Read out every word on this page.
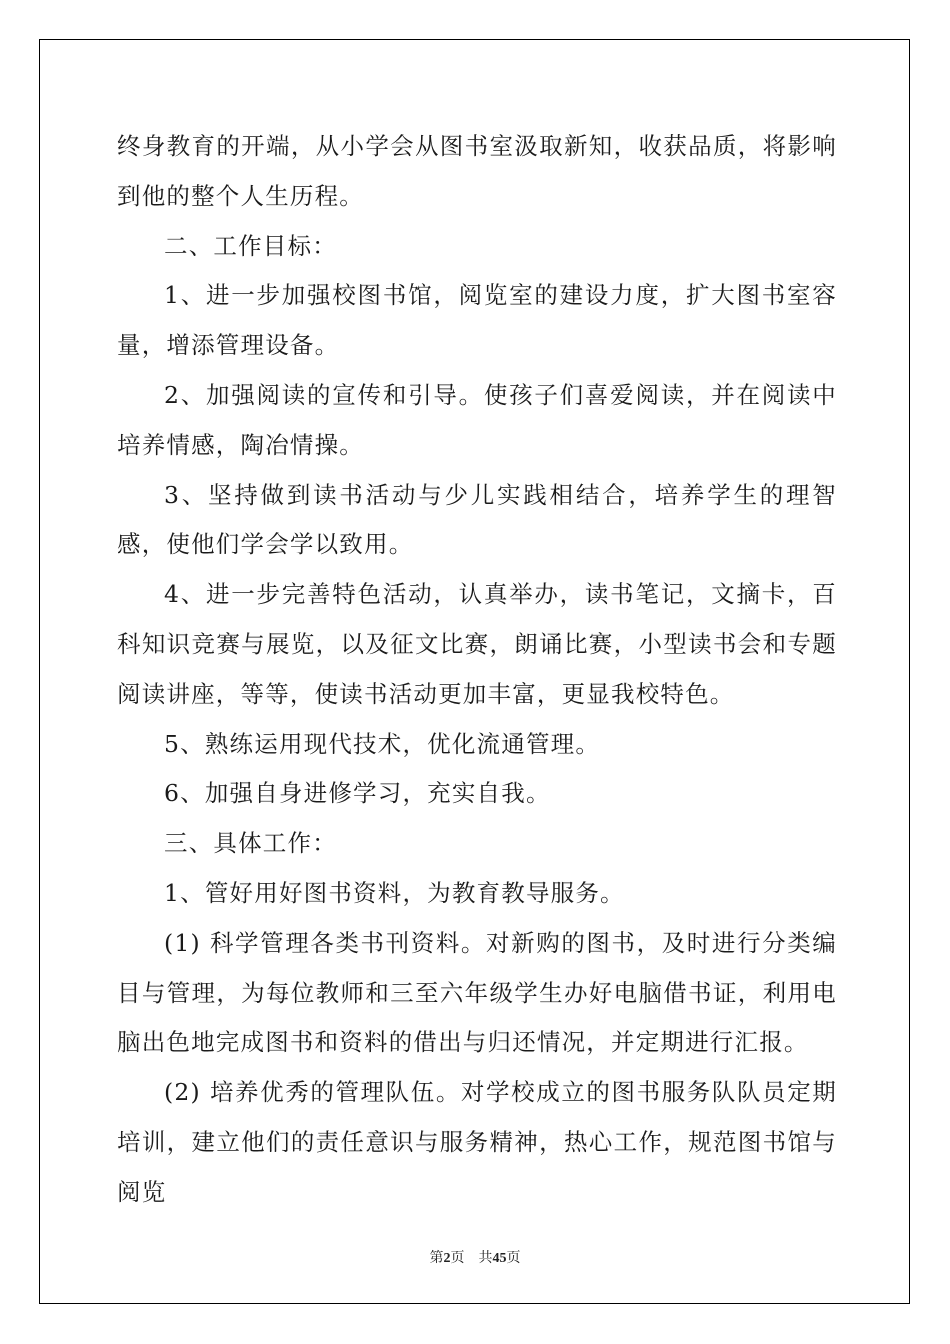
终身教育的开端，从小学会从图书室汲取新知，收获品质，将影响到他的整个人生历程。

二、工作目标：

1、进一步加强校图书馆，阅览室的建设力度，扩大图书室容量，增添管理设备。

2、加强阅读的宣传和引导。使孩子们喜爱阅读，并在阅读中培养情感，陶冶情操。

3、坚持做到读书活动与少儿实践相结合，培养学生的理智感，使他们学会学以致用。

4、进一步完善特色活动，认真举办，读书笔记，文摘卡，百科知识竞赛与展览，以及征文比赛，朗诵比赛，小型读书会和专题阅读讲座，等等，使读书活动更加丰富，更显我校特色。

5、熟练运用现代技术，优化流通管理。

6、加强自身进修学习，充实自我。

三、具体工作：

1、管好用好图书资料，为教育教导服务。

(1) 科学管理各类书刊资料。对新购的图书，及时进行分类编目与管理，为每位教师和三至六年级学生办好电脑借书证，利用电脑出色地完成图书和资料的借出与归还情况，并定期进行汇报。

(2) 培养优秀的管理队伍。对学校成立的图书服务队队员定期培训，建立他们的责任意识与服务精神，热心工作，规范图书馆与阅览

第2页 共45页
